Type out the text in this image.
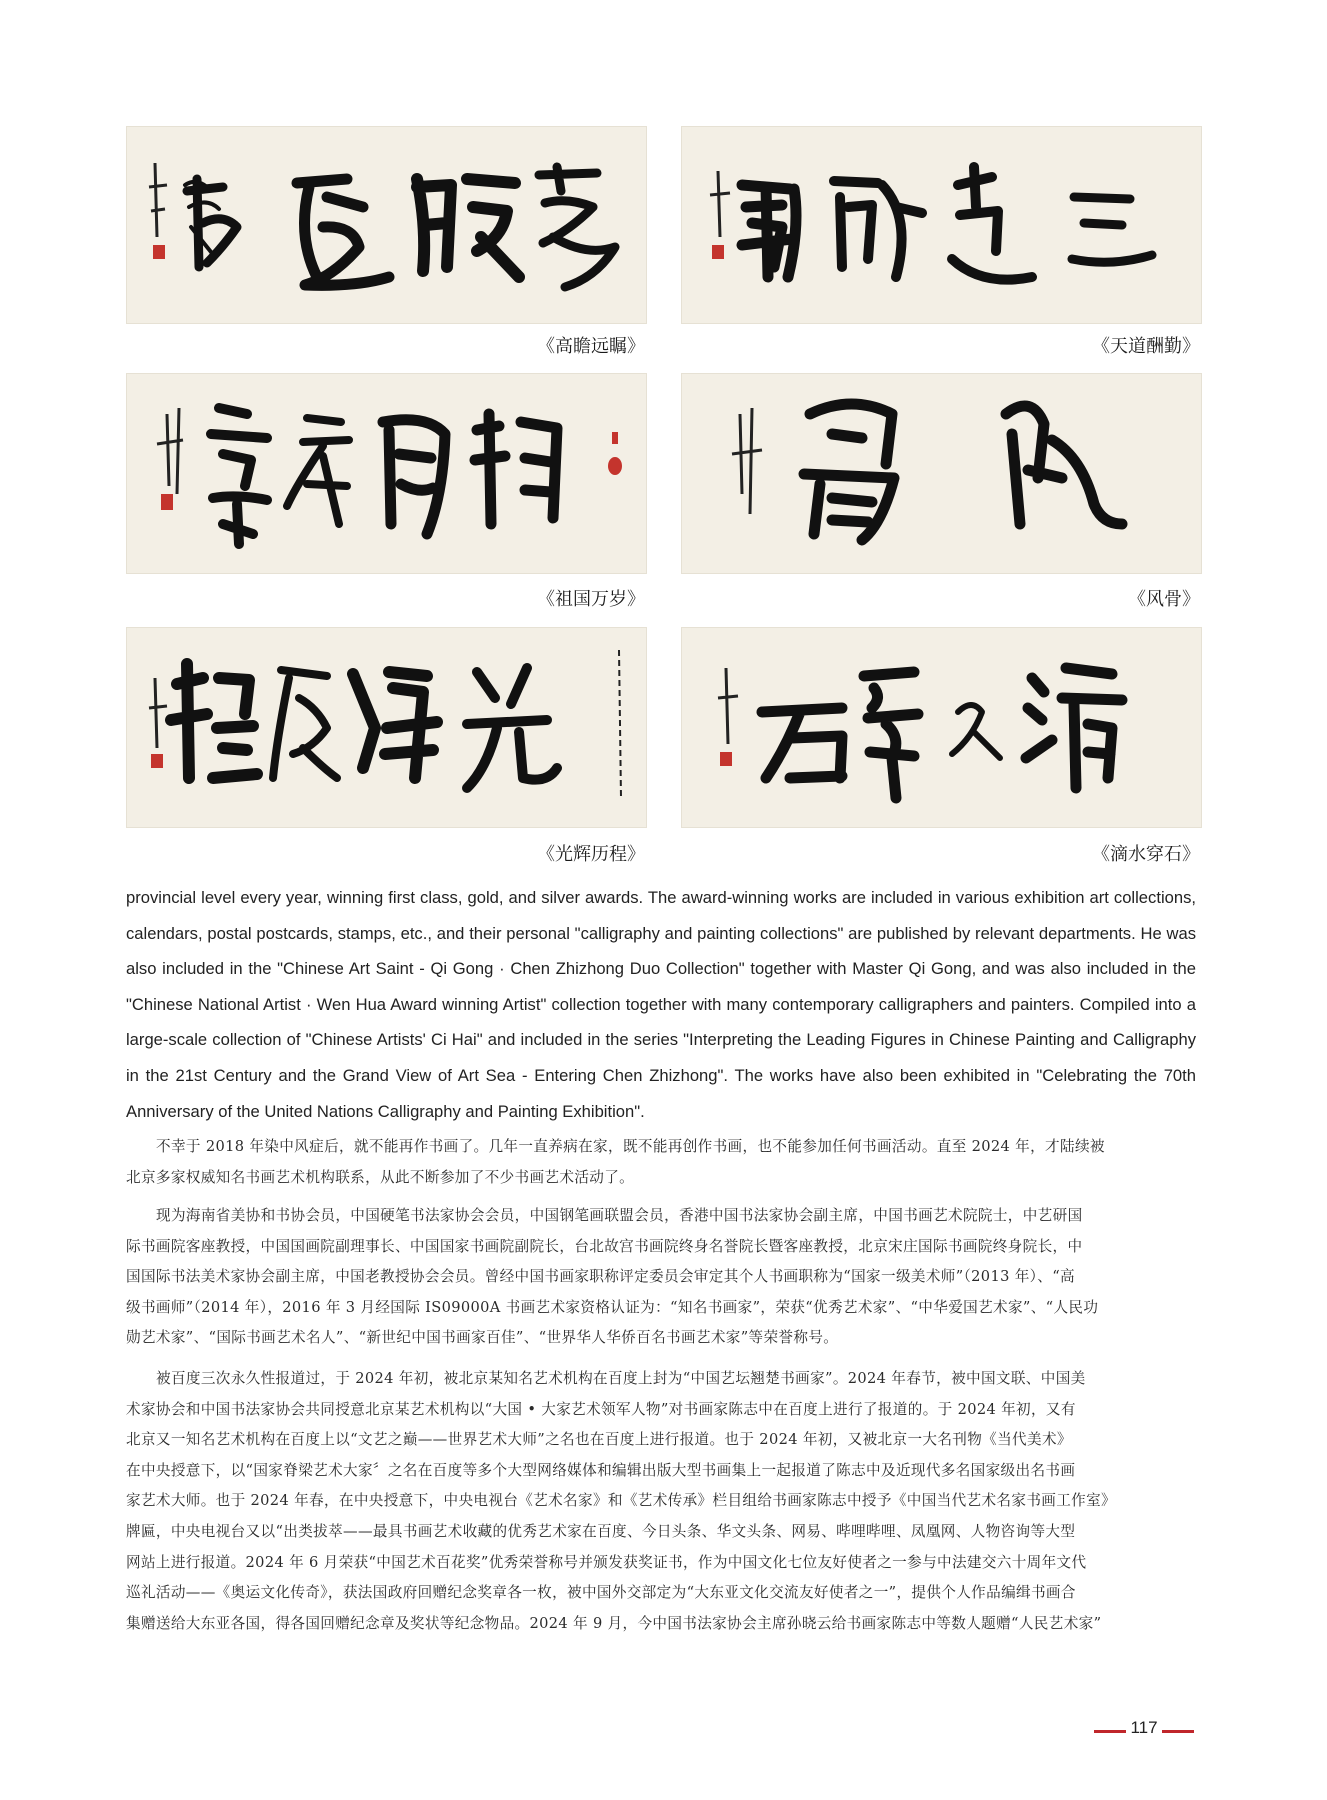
《高瞻远瞩》	《天道酬勤》
《祖国万岁》	《风骨》
《光辉历程》	《滴水穿石》

provincial level every year, winning first class, gold, and silver awards. The award-winning works are included in various exhibition art collections, calendars, postal postcards, stamps, etc., and their personal "calligraphy and painting collections" are published by relevant departments. He was also included in the "Chinese Art Saint - Qi Gong · Chen Zhizhong Duo Collection" together with Master Qi Gong, and was also included in the "Chinese National Artist · Wen Hua Award winning Artist" collection together with many contemporary calligraphers and painters. Compiled into a large-scale collection of "Chinese Artists' Ci Hai" and included in the series "Interpreting the Leading Figures in Chinese Painting and Calligraphy in the 21st Century and the Grand View of Art Sea - Entering Chen Zhizhong". The works have also been exhibited in "Celebrating the 70th Anniversary of the United Nations Calligraphy and Painting Exhibition".

不幸于 2018 年染中风症后，就不能再作书画了。几年一直养病在家，既不能再创作书画，也不能参加任何书画活动。直至 2024 年，才陆续被
北京多家权威知名书画艺术机构联系，从此不断参加了不少书画艺术活动了。
现为海南省美协和书协会员，中国硬笔书法家协会会员，中国钢笔画联盟会员，香港中国书法家协会副主席，中国书画艺术院院士，中艺研国
际书画院客座教授，中国国画院副理事长、中国国家书画院副院长，台北故宫书画院终身名誉院长暨客座教授，北京宋庄国际书画院终身院长，中
国国际书法美术家协会副主席，中国老教授协会会员。曾经中国书画家职称评定委员会审定其个人书画职称为“国家一级美术师”（2013 年）、“高
级书画师”（2014 年），2016 年 3 月经国际 IS09000A 书画艺术家资格认证为：“知名书画家”，荣获“优秀艺术家”、“中华爱国艺术家”、“人民功
勋艺术家”、“国际书画艺术名人”、“新世纪中国书画家百佳”、“世界华人华侨百名书画艺术家”等荣誉称号。
被百度三次永久性报道过，于 2024 年初，被北京某知名艺术机构在百度上封为“中国艺坛翘楚书画家”。2024 年春节，被中国文联、中国美
术家协会和中国书法家协会共同授意北京某艺术机构以“大国 • 大家艺术领军人物”对书画家陈志中在百度上进行了报道的。于 2024 年初，又有
北京又一知名艺术机构在百度上以“文艺之巅——世界艺术大师”之名也在百度上进行报道。也于 2024 年初，又被北京一大名刊物《当代美术》
在中央授意下，以“国家脊梁艺术大家〞之名在百度等多个大型网络媒体和编辑出版大型书画集上一起报道了陈志中及近现代多名国家级出名书画
家艺术大师。也于 2024 年春，在中央授意下，中央电视台《艺术名家》和《艺术传承》栏目组给书画家陈志中授予《中国当代艺术名家书画工作室》
牌匾，中央电视台又以“出类拔萃——最具书画艺术收藏的优秀艺术家在百度、今日头条、华文头条、网易、哔哩哔哩、凤凰网、人物咨询等大型
网站上进行报道。2024 年 6 月荣获“中国艺术百花奖”优秀荣誉称号并颁发获奖证书，作为中国文化七位友好使者之一参与中法建交六十周年文代
巡礼活动——《奥运文化传奇》，获法国政府回赠纪念奖章各一枚，被中国外交部定为“大东亚文化交流友好使者之一”，提供个人作品编缉书画合
集赠送给大东亚各国，得各国回赠纪念章及奖状等纪念物品。2024 年 9 月，今中国书法家协会主席孙晓云给书画家陈志中等数人题赠“人民艺术家”
117
